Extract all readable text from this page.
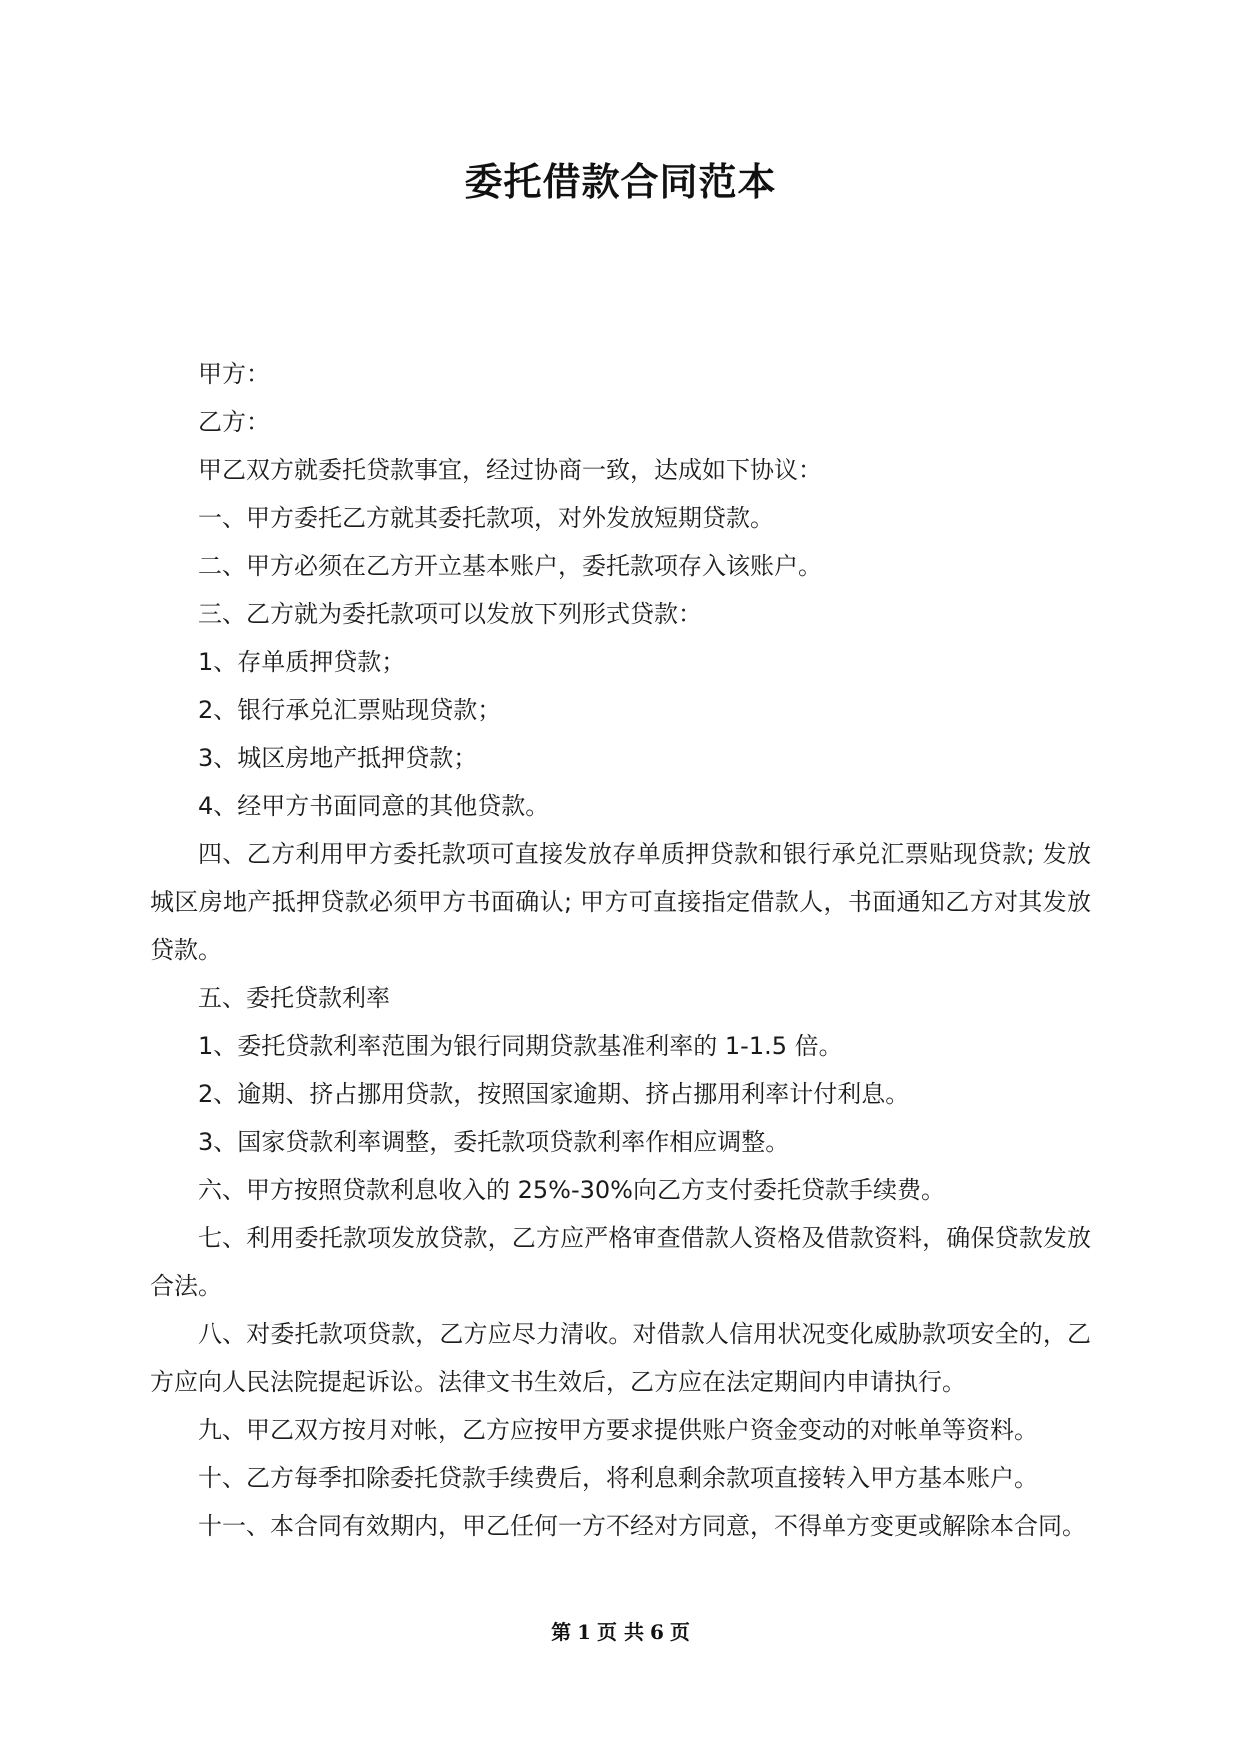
委托借款合同范本

甲方：

乙方：

甲乙双方就委托贷款事宜，经过协商一致，达成如下协议：

一、甲方委托乙方就其委托款项，对外发放短期贷款。

二、甲方必须在乙方开立基本账户，委托款项存入该账户。

三、乙方就为委托款项可以发放下列形式贷款：

1、存单质押贷款；

2、银行承兑汇票贴现贷款；

3、城区房地产抵押贷款；

4、经甲方书面同意的其他贷款。

四、乙方利用甲方委托款项可直接发放存单质押贷款和银行承兑汇票贴现贷款; 发放城区房地产抵押贷款必须甲方书面确认; 甲方可直接指定借款人，书面通知乙方对其发放贷款。

五、委托贷款利率

1、委托贷款利率范围为银行同期贷款基准利率的 1-1.5 倍。

2、逾期、挤占挪用贷款，按照国家逾期、挤占挪用利率计付利息。

3、国家贷款利率调整，委托款项贷款利率作相应调整。

六、甲方按照贷款利息收入的 25%-30%向乙方支付委托贷款手续费。

七、利用委托款项发放贷款，乙方应严格审查借款人资格及借款资料，确保贷款发放合法。

八、对委托款项贷款，乙方应尽力清收。对借款人信用状况变化威胁款项安全的，乙方应向人民法院提起诉讼。法律文书生效后，乙方应在法定期间内申请执行。

九、甲乙双方按月对帐，乙方应按甲方要求提供账户资金变动的对帐单等资料。

十、乙方每季扣除委托贷款手续费后，将利息剩余款项直接转入甲方基本账户。

十一、本合同有效期内，甲乙任何一方不经对方同意，不得单方变更或解除本合同。

第 1 页 共 6 页
